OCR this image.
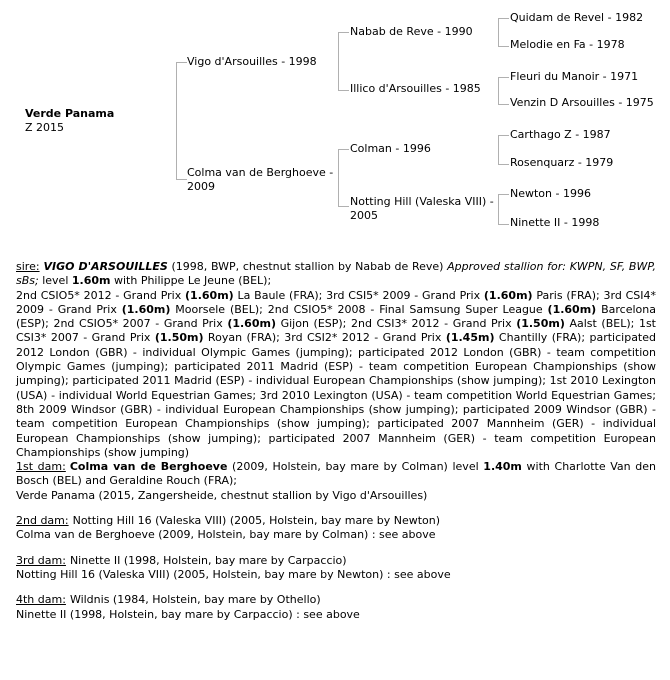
Verde Panama
Z 2015
Vigo d'Arsouilles - 1998
Colma van de Berghoeve -
2009
Nabab de Reve - 1990
Illico d'Arsouilles - 1985
Colman - 1996
Notting Hill (Valeska VIII) -
2005
Quidam de Revel - 1982
Melodie en Fa - 1978
Fleuri du Manoir - 1971
Venzin D Arsouilles - 1975
Carthago Z - 1987
Rosenquarz - 1979
Newton - 1996
Ninette II - 1998

sire: VIGO D'ARSOUILLES (1998, BWP, chestnut stallion by Nabab de Reve) Approved stallion for: KWPN, SF, BWP, sBs; level 1.60m with Philippe Le Jeune (BEL);

2nd CSIO5* 2012 - Grand Prix (1.60m) La Baule (FRA); 3rd CSI5* 2009 - Grand Prix (1.60m) Paris (FRA); 3rd CSI4* 2009 - Grand Prix (1.60m) Moorsele (BEL); 2nd CSIO5* 2008 - Final Samsung Super League (1.60m) Barcelona (ESP); 2nd CSIO5* 2007 - Grand Prix (1.60m) Gijon (ESP); 2nd CSI3* 2012 - Grand Prix (1.50m) Aalst (BEL); 1st CSI3* 2007 - Grand Prix (1.50m) Royan (FRA); 3rd CSI2* 2012 - Grand Prix (1.45m) Chantilly (FRA); participated 2012 London (GBR) - individual Olympic Games (jumping); participated 2012 London (GBR) - team competition Olympic Games (jumping); participated 2011 Madrid (ESP) - team competition European Championships (show jumping); participated 2011 Madrid (ESP) - individual European Championships (show jumping); 1st 2010 Lexington (USA) - individual World Equestrian Games; 3rd 2010 Lexington (USA) - team competition World Equestrian Games; 8th 2009 Windsor (GBR) - individual European Championships (show jumping); participated 2009 Windsor (GBR) - team competition European Championships (show jumping); participated 2007 Mannheim (GER) - individual European Championships (show jumping); participated 2007 Mannheim (GER) - team competition European Championships (show jumping)

1st dam: Colma van de Berghoeve (2009, Holstein, bay mare by Colman) level 1.40m with Charlotte Van den Bosch (BEL) and Geraldine Rouch (FRA);

Verde Panama (2015, Zangersheide, chestnut stallion by Vigo d'Arsouilles)

2nd dam: Notting Hill 16 (Valeska VIII) (2005, Holstein, bay mare by Newton)

Colma van de Berghoeve (2009, Holstein, bay mare by Colman) : see above

3rd dam: Ninette II (1998, Holstein, bay mare by Carpaccio)

Notting Hill 16 (Valeska VIII) (2005, Holstein, bay mare by Newton) : see above

4th dam: Wildnis (1984, Holstein, bay mare by Othello)

Ninette II (1998, Holstein, bay mare by Carpaccio) : see above
